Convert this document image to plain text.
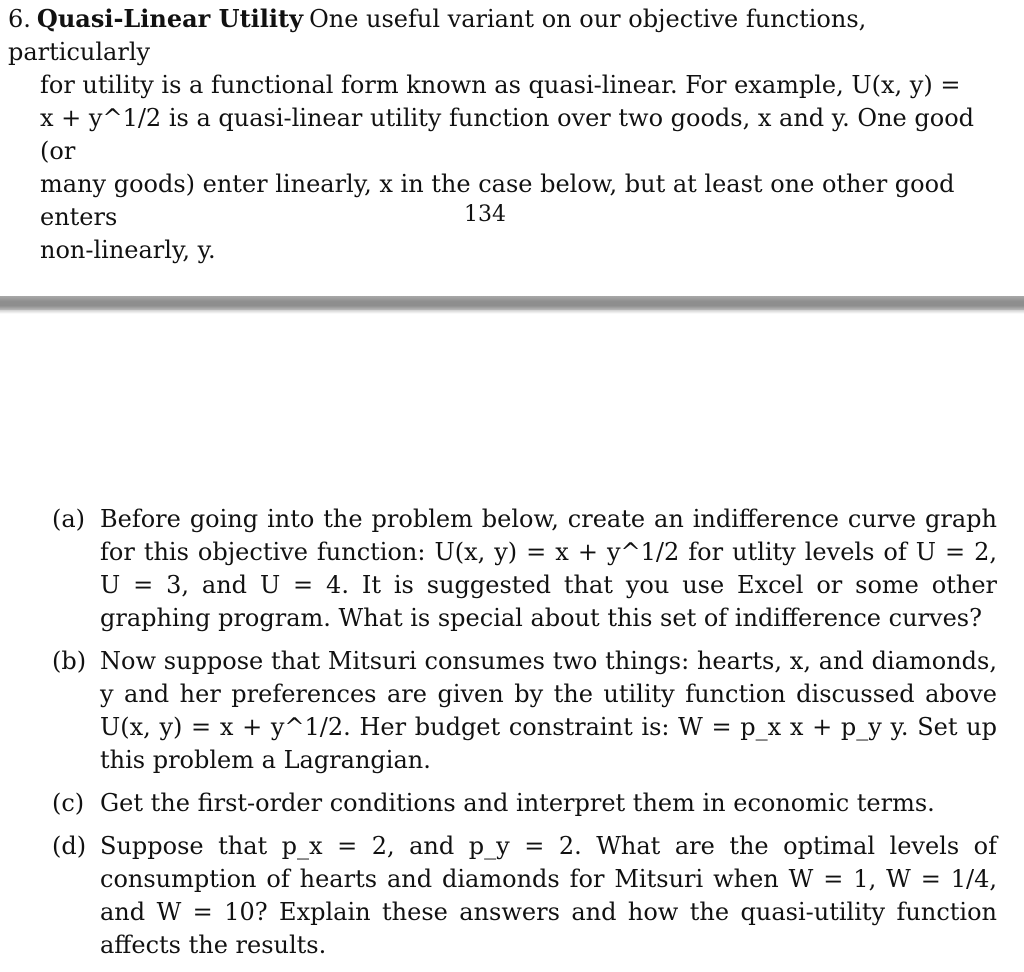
6. Quasi-Linear Utility One useful variant on our objective functions, particularly
for utility is a functional form known as quasi-linear. For example, U(x, y) =
x + y^1/2 is a quasi-linear utility function over two goods, x and y. One good (or
many goods) enter linearly, x in the case below, but at least one other good enters
non-linearly, y.
134
(a) Before going into the problem below, create an indifference curve graph for this objective function: U(x, y) = x + y^1/2 for utlity levels of U = 2, U = 3, and U = 4. It is suggested that you use Excel or some other graphing program. What is special about this set of indifference curves?
(b) Now suppose that Mitsuri consumes two things: hearts, x, and diamonds, y and her preferences are given by the utility function discussed above U(x, y) = x + y^1/2. Her budget constraint is: W = p_x x + p_y y. Set up this problem a Lagrangian.
(c) Get the first-order conditions and interpret them in economic terms.
(d) Suppose that p_x = 2, and p_y = 2. What are the optimal levels of consumption of hearts and diamonds for Mitsuri when W = 1, W = 1/4, and W = 10? Explain these answers and how the quasi-utility function affects the results.
